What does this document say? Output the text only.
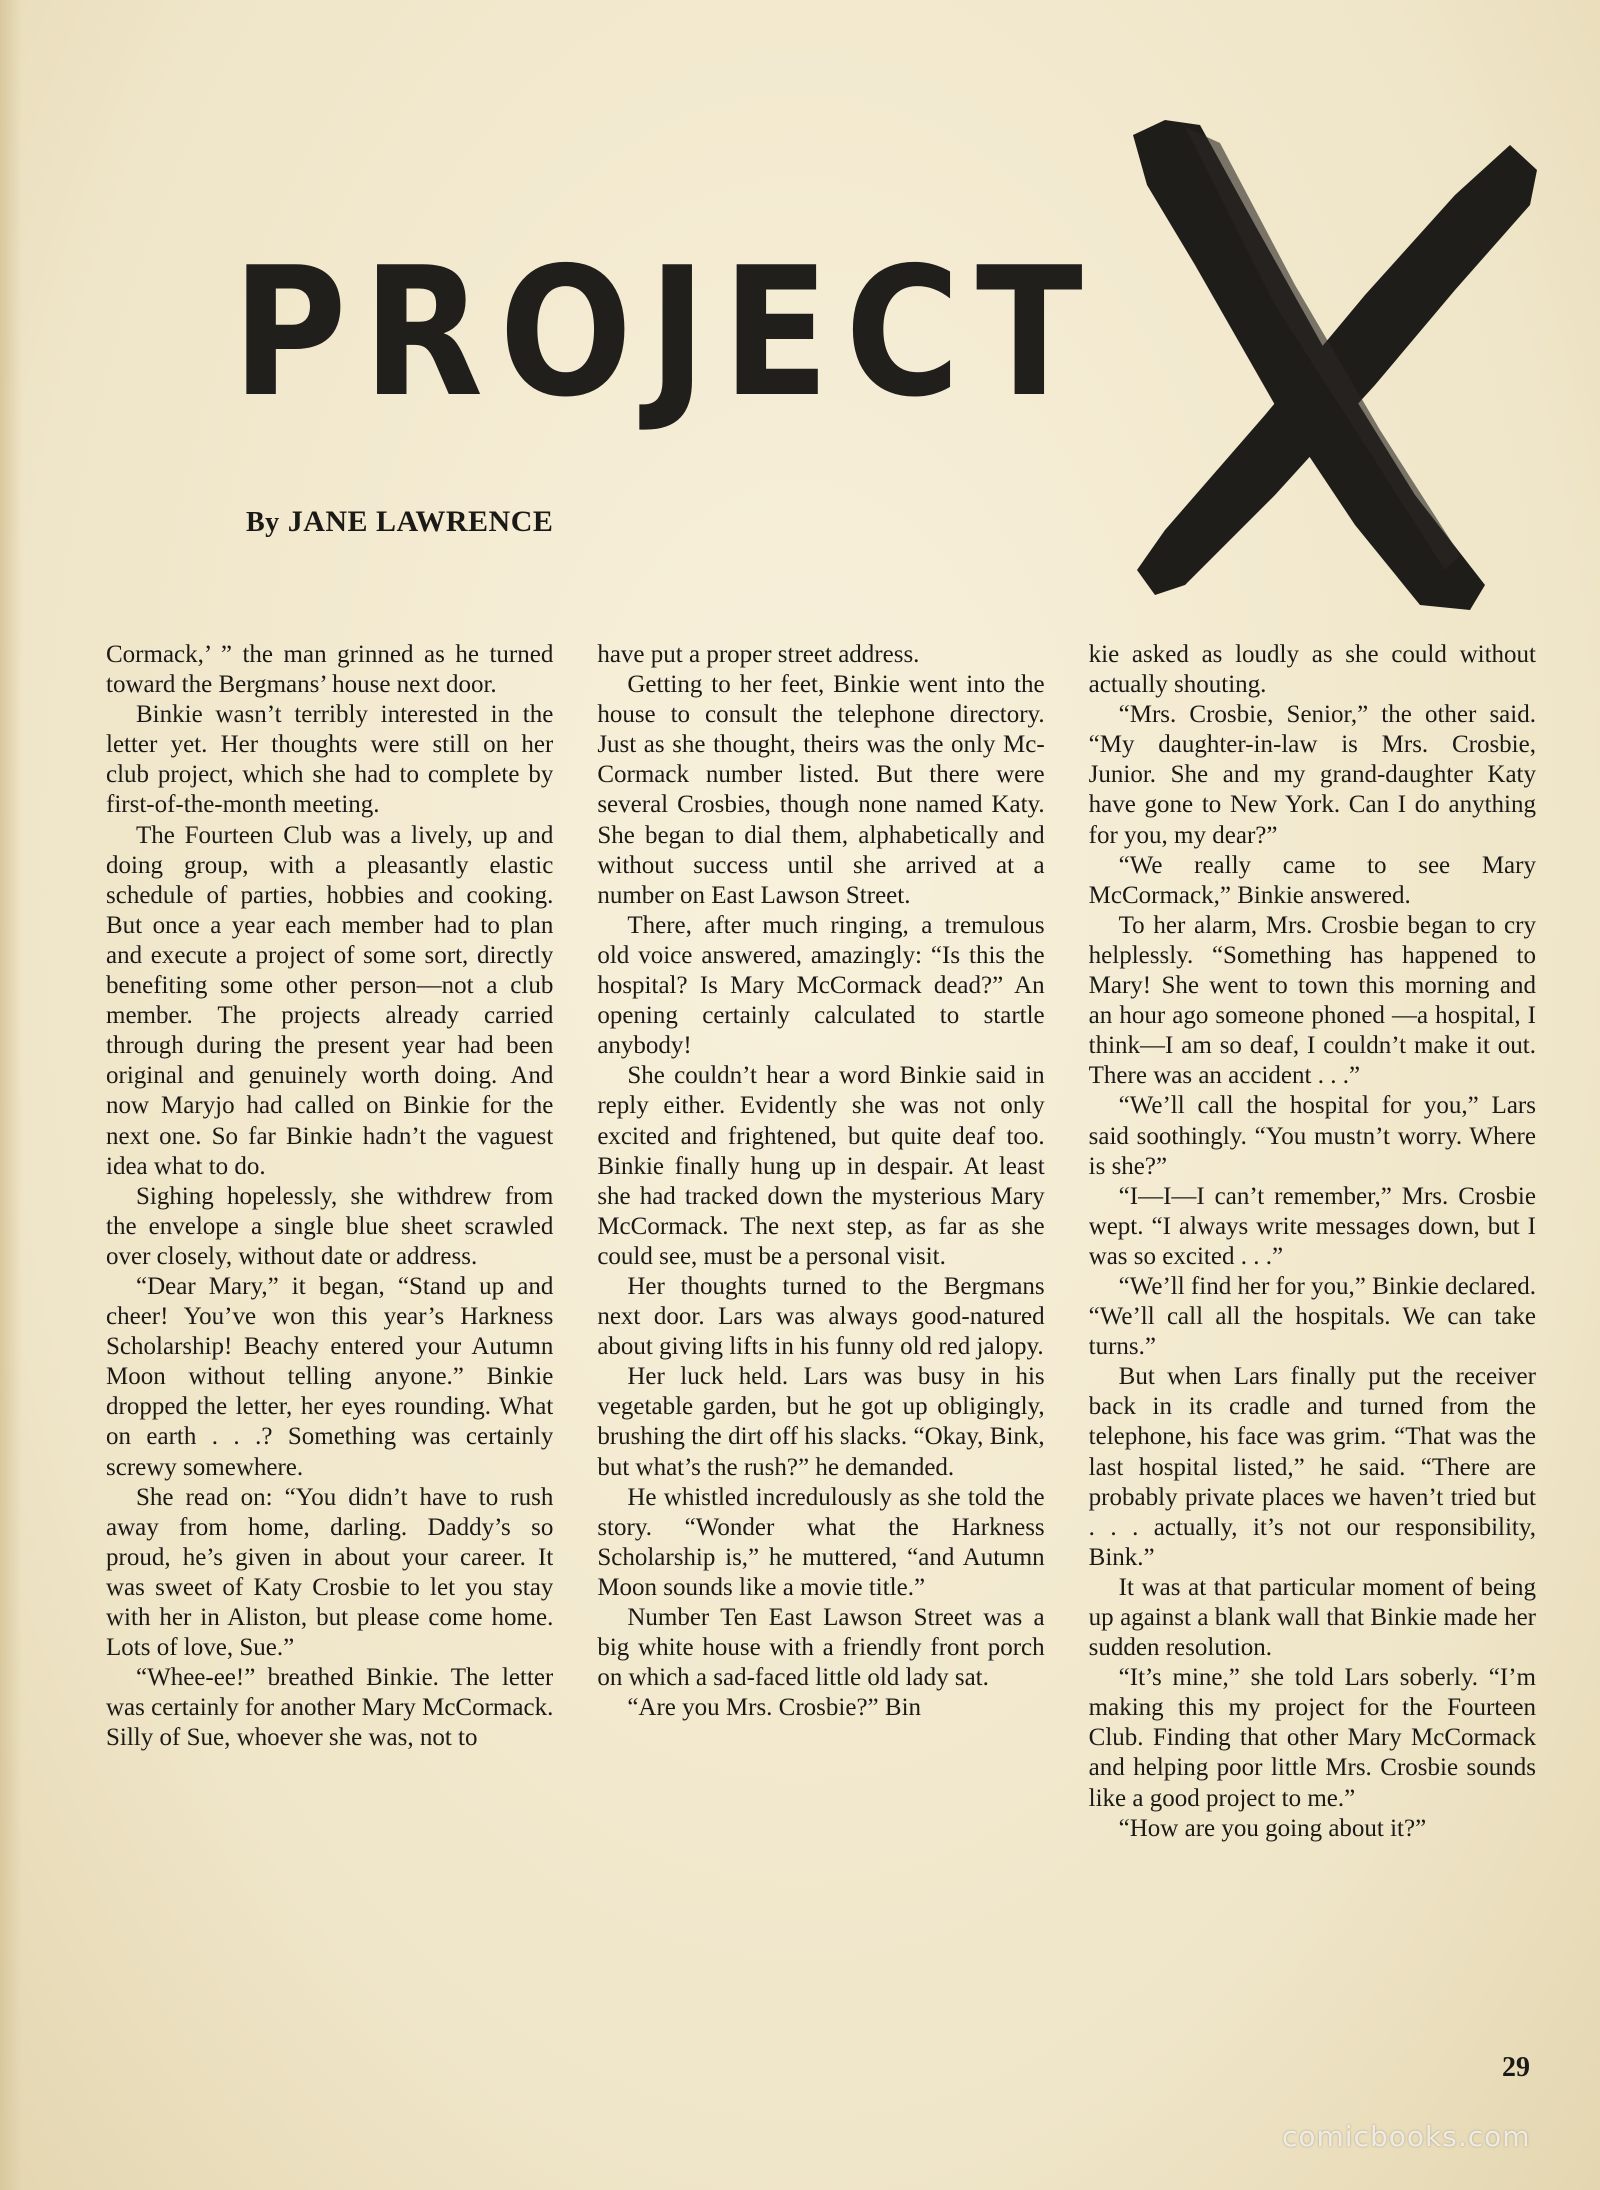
P R O J E C T
By JANE LAWRENCE

Cormack,’ ” the man grinned as he turned toward the Bergmans’ house next door.

Binkie wasn’t terribly interested in the letter yet. Her thoughts were still on her club project, which she had to complete by first-of-the-month meeting.

The Fourteen Club was a lively, up and doing group, with a pleasantly elastic schedule of parties, hobbies and cooking. But once a year each member had to plan and execute a project of some sort, directly benefiting some other person—not a club member. The projects already carried through during the present year had been original and genuinely worth doing. And now Maryjo had called on Binkie for the next one. So far Binkie hadn’t the vaguest idea what to do.

Sighing hopelessly, she withdrew from the envelope a single blue sheet scrawled over closely, without date or address.

“Dear Mary,” it began, “Stand up and cheer! You’ve won this year’s Harkness Scholarship! Beachy entered your Autumn Moon without telling anyone.” Binkie dropped the letter, her eyes rounding. What on earth . . .? Something was certainly screwy somewhere.

She read on: “You didn’t have to rush away from home, darling. Daddy’s so proud, he’s given in about your career. It was sweet of Katy Crosbie to let you stay with her in Aliston, but please come home. Lots of love, Sue.”

“Whee-ee!” breathed Binkie. The letter was certainly for another Mary McCormack. Silly of Sue, whoever she was, not to

have put a proper street address.

Getting to her feet, Binkie went into the house to consult the telephone directory. Just as she thought, theirs was the only McCormack number listed. But there were several Crosbies, though none named Katy. She began to dial them, alphabetically and without success until she arrived at a number on East Lawson Street.

There, after much ringing, a tremulous old voice answered, amazingly: “Is this the hospital? Is Mary McCormack dead?” An opening certainly calculated to startle anybody!

She couldn’t hear a word Binkie said in reply either. Evidently she was not only excited and frightened, but quite deaf too. Binkie finally hung up in despair. At least she had tracked down the mysterious Mary McCormack. The next step, as far as she could see, must be a personal visit.

Her thoughts turned to the Bergmans next door. Lars was always good-natured about giving lifts in his funny old red jalopy.

Her luck held. Lars was busy in his vegetable garden, but he got up obligingly, brushing the dirt off his slacks. “Okay, Bink, but what’s the rush?” he demanded.

He whistled incredulously as she told the story. “Wonder what the Harkness Scholarship is,” he muttered, “and Autumn Moon sounds like a movie title.”

Number Ten East Lawson Street was a big white house with a friendly front porch on which a sad-faced little old lady sat.

“Are you Mrs. Crosbie?” Bin

kie asked as loudly as she could without actually shouting.

“Mrs. Crosbie, Senior,” the other said. “My daughter-in-law is Mrs. Crosbie, Junior. She and my grand-daughter Katy have gone to New York. Can I do anything for you, my dear?”

“We really came to see Mary McCormack,” Binkie answered.

To her alarm, Mrs. Crosbie began to cry helplessly. “Something has happened to Mary! She went to town this morning and an hour ago someone phoned —a hospital, I think—I am so deaf, I couldn’t make it out. There was an accident . . .”

“We’ll call the hospital for you,” Lars said soothingly. “You mustn’t worry. Where is she?”

“I—I—I can’t remember,” Mrs. Crosbie wept. “I always write messages down, but I was so excited . . .”

“We’ll find her for you,” Binkie declared. “We’ll call all the hospitals. We can take turns.”

But when Lars finally put the receiver back in its cradle and turned from the telephone, his face was grim. “That was the last hospital listed,” he said. “There are probably private places we haven’t tried but . . . actually, it’s not our responsibility, Bink.”

It was at that particular moment of being up against a blank wall that Binkie made her sudden resolution.

“It’s mine,” she told Lars soberly. “I’m making this my project for the Fourteen Club. Finding that other Mary McCormack and helping poor little Mrs. Crosbie sounds like a good project to me.”

“How are you going about it?”

29
comicbooks.com
